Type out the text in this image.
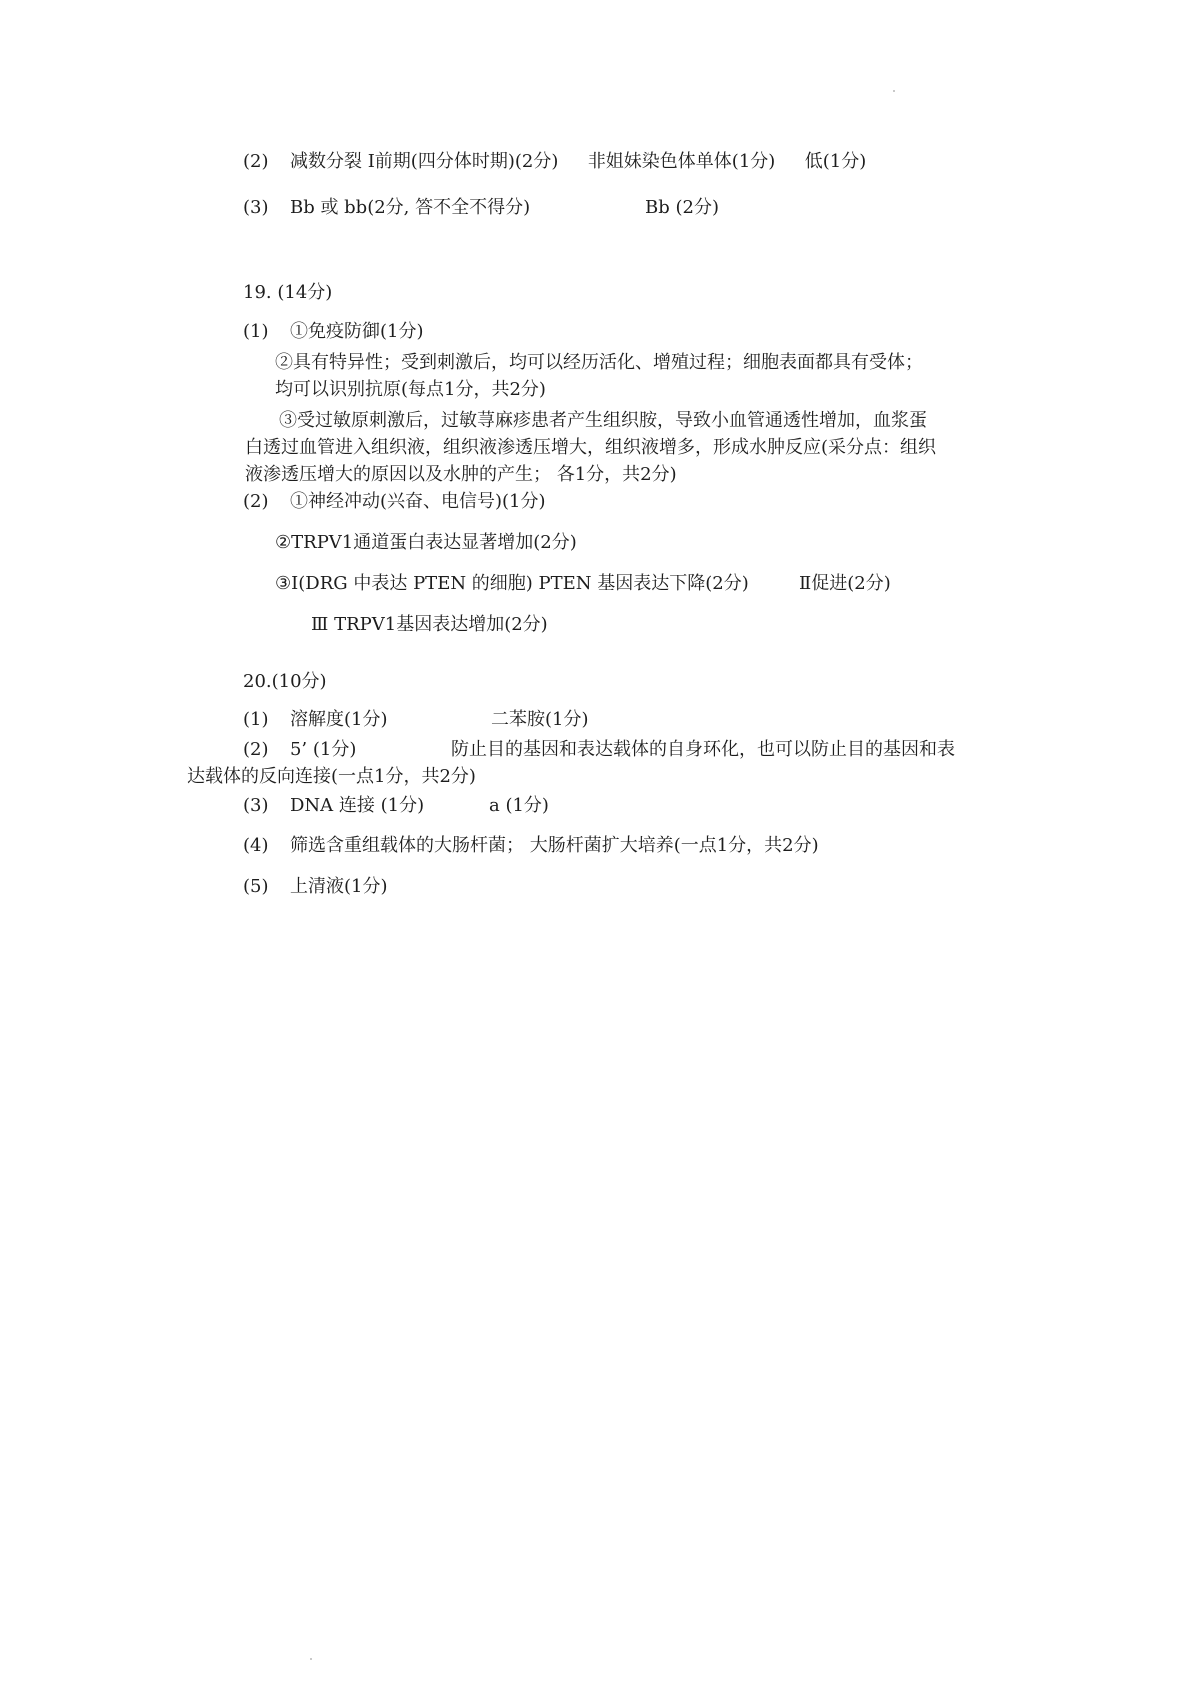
(2) 减数分裂 Ⅰ前期(四分体时期)(2分) 非姐妹染色体单体(1分) 低(1分)
(3) Bb 或 bb(2分, 答不全不得分)	Bb (2分)
19. (14分)
(1) ①免疫防御(1分)
②具有特异性；受到刺激后，均可以经历活化、增殖过程；细胞表面都具有受体；
均可以识别抗原(每点1分，共2分)
③受过敏原刺激后，过敏荨麻疹患者产生组织胺，导致小血管通透性增加，血浆蛋
白透过血管进入组织液，组织液渗透压增大，组织液增多，形成水肿反应(采分点：组织
液渗透压增大的原因以及水肿的产生； 各1分，共2分)
(2) ①神经冲动(兴奋、电信号)(1分)
②TRPV1通道蛋白表达显著增加(2分)
③Ⅰ(DRG 中表达 PTEN 的细胞) PTEN 基因表达下降(2分)	Ⅱ促进(2分)
Ⅲ TRPV1基因表达增加(2分)
20.(10分)
(1) 溶解度(1分)	二苯胺(1分)
(2) 5’ (1分)	防止目的基因和表达载体的自身环化，也可以防止目的基因和表
达载体的反向连接(一点1分，共2分)
(3) DNA 连接 (1分)	a (1分)
(4) 筛选含重组载体的大肠杆菌； 大肠杆菌扩大培养(一点1分，共2分)
(5) 上清液(1分)
